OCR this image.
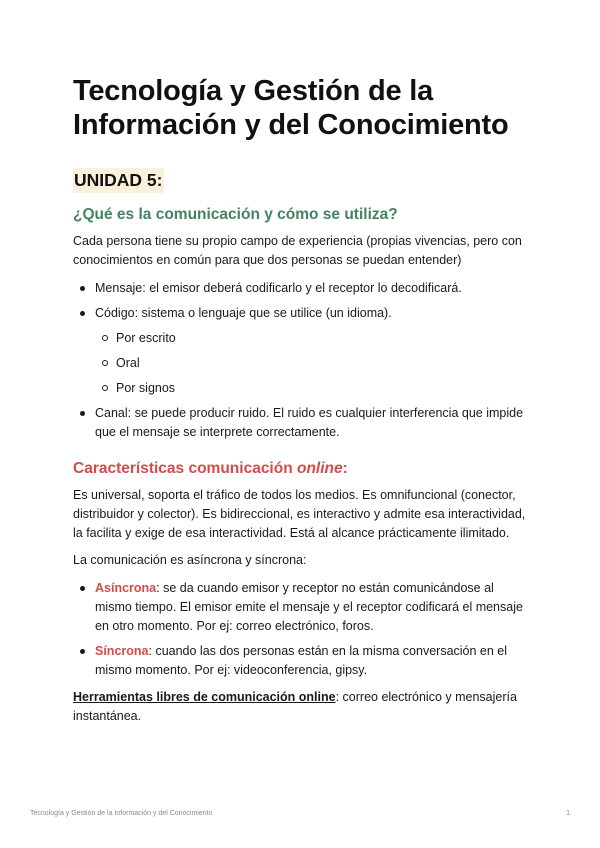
Tecnología y Gestión de la Información y del Conocimiento
UNIDAD 5:
¿Qué es la comunicación y cómo se utiliza?

Cada persona tiene su propio campo de experiencia (propias vivencias, pero con conocimientos en común para que dos personas se puedan entender)

Mensaje: el emisor deberá codificarlo y el receptor lo decodificará.
Código: sistema o lenguaje que se utilice (un idioma).
Por escrito
Oral
Por signos
Canal: se puede producir ruido. El ruido es cualquier interferencia que impide que el mensaje se interprete correctamente.
Características comunicación online:

Es universal, soporta el tráfico de todos los medios. Es omnifuncional (conector, distribuidor y colector). Es bidireccional, es interactivo y admite esa interactividad, la facilita y exige de esa interactividad. Está al alcance prácticamente ilimitado.

La comunicación es asíncrona y síncrona:

Asíncrona: se da cuando emisor y receptor no están comunicándose al mismo tiempo. El emisor emite el mensaje y el receptor codificará el mensaje en otro momento. Por ej: correo electrónico, foros.
Síncrona: cuando las dos personas están en la misma conversación en el mismo momento. Por ej: videoconferencia, gipsy.

Herramientas libres de comunicación online: correo electrónico y mensajería instantánea.

Tecnología y Gestión de la Información y del Conocimiento	1
